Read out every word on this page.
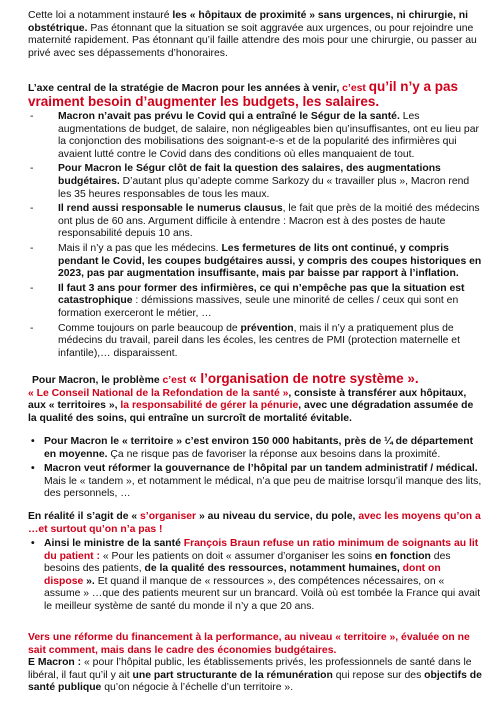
Cette loi a notamment instauré les « hôpitaux de proximité » sans urgences, ni chirurgie, ni obstétrique. Pas étonnant que la situation se soit aggravée aux urgences, ou pour rejoindre une maternité rapidement. Pas étonnant qu’il faille attendre des mois pour une chirurgie, ou passer au privé avec ses dépassements d’honoraires.

L’axe central de la stratégie de Macron pour les années à venir, c’est qu’il n’y a pas vraiment besoin d’augmenter les budgets, les salaires.

- Macron n’avait pas prévu le Covid qui a entraîné le Ségur de la santé. Les augmentations de budget, de salaire, non négligeables bien qu’insuffisantes, ont eu lieu par la conjonction des mobilisations des soignant-e-s et de la popularité des infirmières qui avaient lutté contre le Covid dans des conditions où elles manquaient de tout.

- Pour Macron le Ségur clôt de fait la question des salaires, des augmentations budgétaires. D’autant plus qu’adepte comme Sarkozy du « travailler plus », Macron rend les 35 heures responsables de tous les maux.

- Il rend aussi responsable le numerus clausus, le fait que près de la moitié des médecins ont plus de 60 ans. Argument difficile à entendre : Macron est à des postes de haute responsabilité depuis 10 ans.

- Mais il n’y a pas que les médecins. Les fermetures de lits ont continué, y compris pendant le Covid, les coupes budgétaires aussi, y compris des coupes historiques en 2023, pas par augmentation insuffisante, mais par baisse par rapport à l’inflation.

- Il faut 3 ans pour former des infirmières, ce qui n’empêche pas que la situation est catastrophique : démissions massives, seule une minorité de celles / ceux qui sont en formation exerceront le métier, …

- Comme toujours on parle beaucoup de prévention, mais il n’y a pratiquement plus de médecins du travail, pareil dans les écoles, les centres de PMI (protection maternelle et infantile),… disparaissent.

Pour Macron, le problème c’est « l’organisation de notre système ».

« Le Conseil National de la Refondation de la santé », consiste à transférer aux hôpitaux, aux « territoires », la responsabilité de gérer la pénurie, avec une dégradation assumée de la qualité des soins, qui entraîne un surcroît de mortalité évitable.

• Pour Macron le « territoire » c’est environ 150 000 habitants, près de ¼ de département en moyenne. Ça ne risque pas de favoriser la réponse aux besoins dans la proximité.

• Macron veut réformer la gouvernance de l’hôpital par un tandem administratif / médical. Mais le « tandem », et notamment le médical, n’a que peu de maitrise lorsqu’il manque des lits, des personnels, …

En réalité il s’agit de « s’organiser » au niveau du service, du pole, avec les moyens qu’on a …et surtout qu’on n’a pas !

• Ainsi le ministre de la santé François Braun refuse un ratio minimum de soignants au lit du patient : « Pour les patients on doit « assumer d’organiser les soins en fonction des besoins des patients, de la qualité des ressources, notamment humaines, dont on dispose ». Et quand il manque de « ressources », des compétences nécessaires, on « assume » …que des patients meurent sur un brancard. Voilà où est tombée la France qui avait le meilleur système de santé du monde il n’y a que 20 ans.

Vers une réforme du financement à la performance, au niveau « territoire », évaluée on ne sait comment, mais dans le cadre des économies budgétaires.

E Macron : « pour l’hôpital public, les établissements privés, les professionnels de santé dans le libéral, il faut qu’il y ait une part structurante de la rémunération qui repose sur des objectifs de santé publique qu’on négocie à l’échelle d’un territoire ».
